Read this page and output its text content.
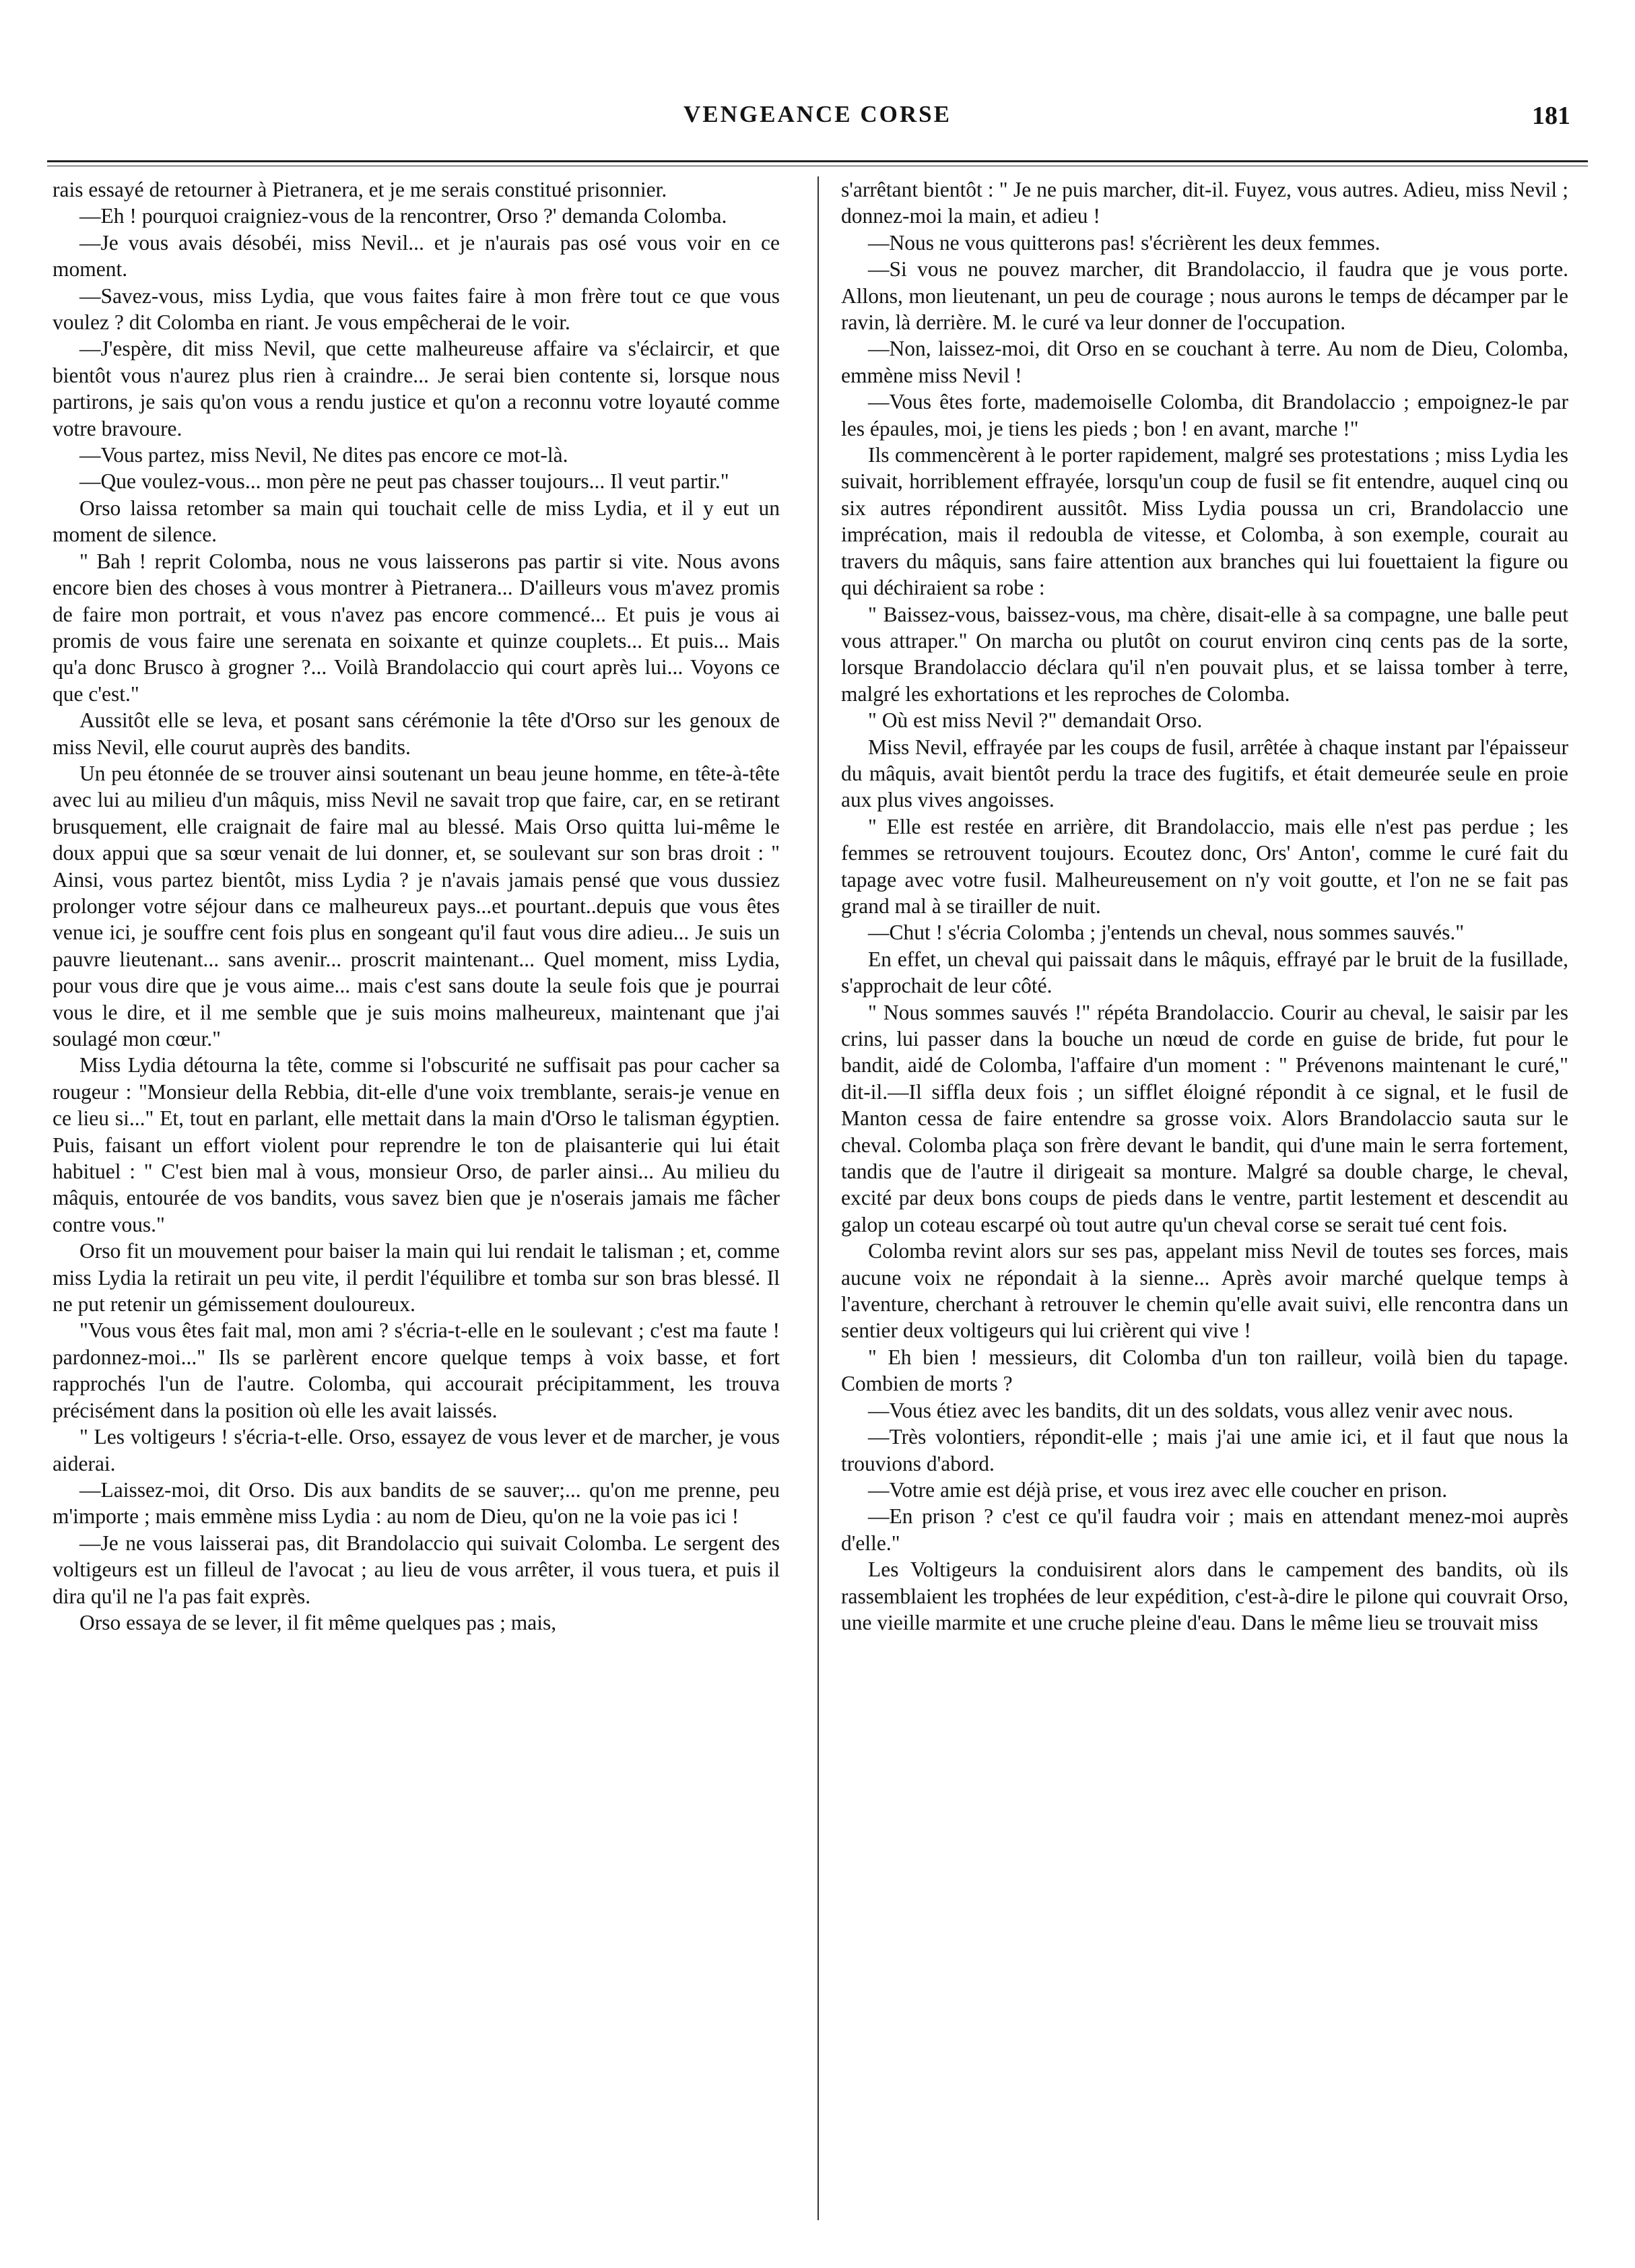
VENGEANCE CORSE	181

rais essayé de retourner à Pietranera, et je me serais constitué prisonnier.

—Eh ! pourquoi craigniez-vous de la rencontrer, Orso ?' demanda Colomba.

—Je vous avais désobéi, miss Nevil... et je n'aurais pas osé vous voir en ce moment.

—Savez-vous, miss Lydia, que vous faites faire à mon frère tout ce que vous voulez ? dit Colomba en riant. Je vous empêcherai de le voir.

—J'espère, dit miss Nevil, que cette malheureuse affaire va s'éclaircir, et que bientôt vous n'aurez plus rien à craindre... Je serai bien contente si, lorsque nous partirons, je sais qu'on vous a rendu justice et qu'on a reconnu votre loyauté comme votre bravoure.

—Vous partez, miss Nevil, Ne dites pas encore ce mot-là.

—Que voulez-vous... mon père ne peut pas chasser toujours... Il veut partir."

Orso laissa retomber sa main qui touchait celle de miss Lydia, et il y eut un moment de silence.

" Bah ! reprit Colomba, nous ne vous laisserons pas partir si vite. Nous avons encore bien des choses à vous montrer à Pietranera... D'ailleurs vous m'avez promis de faire mon portrait, et vous n'avez pas encore commencé... Et puis je vous ai promis de vous faire une serenata en soixante et quinze couplets... Et puis... Mais qu'a donc Brusco à grogner ?... Voilà Brandolaccio qui court après lui... Voyons ce que c'est."

Aussitôt elle se leva, et posant sans cérémonie la tête d'Orso sur les genoux de miss Nevil, elle courut auprès des bandits.

Un peu étonnée de se trouver ainsi soutenant un beau jeune homme, en tête-à-tête avec lui au milieu d'un mâquis, miss Nevil ne savait trop que faire, car, en se retirant brusquement, elle craignait de faire mal au blessé. Mais Orso quitta lui-même le doux appui que sa sœur venait de lui donner, et, se soulevant sur son bras droit : " Ainsi, vous partez bientôt, miss Lydia ? je n'avais jamais pensé que vous dussiez prolonger votre séjour dans ce malheureux pays...et pourtant..depuis que vous êtes venue ici, je souffre cent fois plus en songeant qu'il faut vous dire adieu... Je suis un pauvre lieutenant... sans avenir... proscrit maintenant... Quel moment, miss Lydia, pour vous dire que je vous aime... mais c'est sans doute la seule fois que je pourrai vous le dire, et il me semble que je suis moins malheureux, maintenant que j'ai soulagé mon cœur."

Miss Lydia détourna la tête, comme si l'obscurité ne suffisait pas pour cacher sa rougeur : "Monsieur della Rebbia, dit-elle d'une voix tremblante, serais-je venue en ce lieu si..." Et, tout en parlant, elle mettait dans la main d'Orso le talisman égyptien. Puis, faisant un effort violent pour reprendre le ton de plaisanterie qui lui était habituel : " C'est bien mal à vous, monsieur Orso, de parler ainsi... Au milieu du mâquis, entourée de vos bandits, vous savez bien que je n'oserais jamais me fâcher contre vous."

Orso fit un mouvement pour baiser la main qui lui rendait le talisman ; et, comme miss Lydia la retirait un peu vite, il perdit l'équilibre et tomba sur son bras blessé. Il ne put retenir un gémissement douloureux.

"Vous vous êtes fait mal, mon ami ? s'écria-t-elle en le soulevant ; c'est ma faute ! pardonnez-moi..." Ils se parlèrent encore quelque temps à voix basse, et fort rapprochés l'un de l'autre. Colomba, qui accourait précipitamment, les trouva précisément dans la position où elle les avait laissés.

" Les voltigeurs ! s'écria-t-elle. Orso, essayez de vous lever et de marcher, je vous aiderai.

—Laissez-moi, dit Orso. Dis aux bandits de se sauver;... qu'on me prenne, peu m'importe ; mais emmène miss Lydia : au nom de Dieu, qu'on ne la voie pas ici !

—Je ne vous laisserai pas, dit Brandolaccio qui suivait Colomba. Le sergent des voltigeurs est un filleul de l'avocat ; au lieu de vous arrêter, il vous tuera, et puis il dira qu'il ne l'a pas fait exprès.

Orso essaya de se lever, il fit même quelques pas ; mais,

s'arrêtant bientôt : " Je ne puis marcher, dit-il. Fuyez, vous autres. Adieu, miss Nevil ; donnez-moi la main, et adieu !

—Nous ne vous quitterons pas! s'écrièrent les deux femmes.

—Si vous ne pouvez marcher, dit Brandolaccio, il faudra que je vous porte. Allons, mon lieutenant, un peu de courage ; nous aurons le temps de décamper par le ravin, là derrière. M. le curé va leur donner de l'occupation.

—Non, laissez-moi, dit Orso en se couchant à terre. Au nom de Dieu, Colomba, emmène miss Nevil !

—Vous êtes forte, mademoiselle Colomba, dit Brandolaccio ; empoignez-le par les épaules, moi, je tiens les pieds ; bon ! en avant, marche !"

Ils commencèrent à le porter rapidement, malgré ses protestations ; miss Lydia les suivait, horriblement effrayée, lorsqu'un coup de fusil se fit entendre, auquel cinq ou six autres répondirent aussitôt. Miss Lydia poussa un cri, Brandolaccio une imprécation, mais il redoubla de vitesse, et Colomba, à son exemple, courait au travers du mâquis, sans faire attention aux branches qui lui fouettaient la figure ou qui déchiraient sa robe :

" Baissez-vous, baissez-vous, ma chère, disait-elle à sa compagne, une balle peut vous attraper." On marcha ou plutôt on courut environ cinq cents pas de la sorte, lorsque Brandolaccio déclara qu'il n'en pouvait plus, et se laissa tomber à terre, malgré les exhortations et les reproches de Colomba.

" Où est miss Nevil ?" demandait Orso.

Miss Nevil, effrayée par les coups de fusil, arrêtée à chaque instant par l'épaisseur du mâquis, avait bientôt perdu la trace des fugitifs, et était demeurée seule en proie aux plus vives angoisses.

" Elle est restée en arrière, dit Brandolaccio, mais elle n'est pas perdue ; les femmes se retrouvent toujours. Ecoutez donc, Ors' Anton', comme le curé fait du tapage avec votre fusil. Malheureusement on n'y voit goutte, et l'on ne se fait pas grand mal à se tirailler de nuit.

—Chut ! s'écria Colomba ; j'entends un cheval, nous sommes sauvés."

En effet, un cheval qui paissait dans le mâquis, effrayé par le bruit de la fusillade, s'approchait de leur côté.

" Nous sommes sauvés !" répéta Brandolaccio. Courir au cheval, le saisir par les crins, lui passer dans la bouche un nœud de corde en guise de bride, fut pour le bandit, aidé de Colomba, l'affaire d'un moment : " Prévenons maintenant le curé," dit-il.—Il siffla deux fois ; un sifflet éloigné répondit à ce signal, et le fusil de Manton cessa de faire entendre sa grosse voix. Alors Brandolaccio sauta sur le cheval. Colomba plaça son frère devant le bandit, qui d'une main le serra fortement, tandis que de l'autre il dirigeait sa monture. Malgré sa double charge, le cheval, excité par deux bons coups de pieds dans le ventre, partit lestement et descendit au galop un coteau escarpé où tout autre qu'un cheval corse se serait tué cent fois.

Colomba revint alors sur ses pas, appelant miss Nevil de toutes ses forces, mais aucune voix ne répondait à la sienne... Après avoir marché quelque temps à l'aventure, cherchant à retrouver le chemin qu'elle avait suivi, elle rencontra dans un sentier deux voltigeurs qui lui crièrent qui vive !

" Eh bien ! messieurs, dit Colomba d'un ton railleur, voilà bien du tapage. Combien de morts ?

—Vous étiez avec les bandits, dit un des soldats, vous allez venir avec nous.

—Très volontiers, répondit-elle ; mais j'ai une amie ici, et il faut que nous la trouvions d'abord.

—Votre amie est déjà prise, et vous irez avec elle coucher en prison.

—En prison ? c'est ce qu'il faudra voir ; mais en attendant menez-moi auprès d'elle."

Les Voltigeurs la conduisirent alors dans le campement des bandits, où ils rassemblaient les trophées de leur expédition, c'est-à-dire le pilone qui couvrait Orso, une vieille marmite et une cruche pleine d'eau. Dans le même lieu se trouvait miss
